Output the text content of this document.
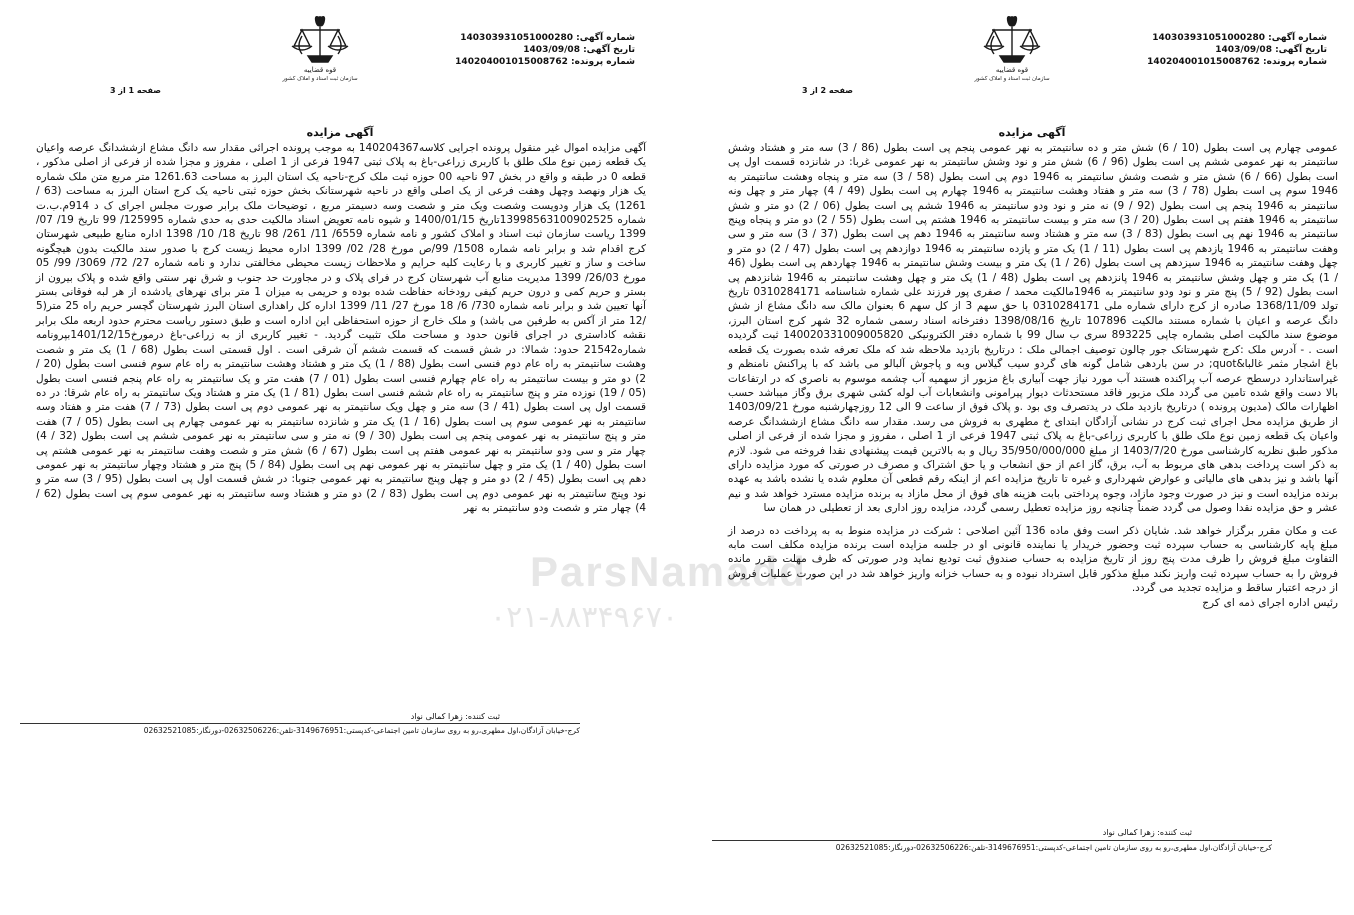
شماره آگهی: 140303931051000280
تاریخ آگهی: 1403/09/08
شماره پرونده: 140204001015008762
قوه قضاییه
سازمان ثبت اسناد و املاک کشور
صفحه 1 از 3
آگهی مزایده

آگهی مزایده اموال غیر منقول پرونده اجرایی کلاسه140204367 به موجب پرونده اجرائی مقدار سه دانگ مشاع ازششدانگ عرصه واعیان یک قطعه زمین نوع ملک طلق با کاربری زراعی-باغ به پلاک ثبتی 1947 فرعی از 1 اصلی ، مفروز و مجزا شده از فرعی از اصلی مذکور ، قطعه 0 در طبقه و واقع در بخش 97 ناحیه 00 حوزه ثبت ملک کرج-ناحیه یک استان البرز به مساحت 1261.63 متر مربع متن ملک شماره یک هزار ونهصد وچهل وهفت فرعی از یک اصلی واقع در ناحیه شهرستانک بخش حوزه ثبتی ناحیه یک کرج استان البرز به مساحت (63 / 1261) یک هزار ودویست وشصت ویک متر و شصت وسه دسیمتر مربع ، توضیحات ملک برابر صورت مجلس اجرای ک د 914م.ب.ت شماره 13998563100902525تاریخ 1400/01/15 و شیوه نامه تعویض اسناد مالکیت حدی به حدی شماره 125995/ 99 تاریخ 19/ 07/ 1399 ریاست سازمان ثبت اسناد و املاک کشور و نامه شماره 6559/ 11/ 261/ 98 تاریخ 18/ 10/ 1398 اداره منابع طبیعی شهرستان کرج اقدام شد و برابر نامه شماره 1508/ 99/ص مورخ 28/ 02/ 1399 اداره محیط زیست کرج با صدور سند مالکیت بدون هیچگونه ساخت و ساز و تغییر کاربری و با رعایت کلیه حرایم و ملاحظات زیست محیطی مخالفتی ندارد و نامه شماره 27/ 72/ 3069/ 99/ 05 مورخ 26/03/ 1399 مدیریت منابع آب شهرستان کرج در فرای پلاک و در مجاورت حد جنوب و شرق نهر سنتی واقع شده و پلاک بیرون از بستر و حریم کمی و درون حریم کیفی رودخانه حفاظت شده بوده و حریمی به میزان 1 متر برای نهرهای یادشده از هر لبه فوقانی بستر آنها تعیین شد و برابر نامه شماره 730/ 6/ 18 مورخ 27/ 11/ 1399 اداره کل راهداری استان البرز شهرستان گچسر حریم راه 25 متر(5 /12 متر از آکس به طرفین می باشد) و ملک خارج از حوزه استحفاظی این اداره است و طبق دستور ریاست محترم حدود اربعه ملک برابر نقشه کاداستری در اجرای قانون حدود و مساحت ملک تثبیت گردید. - تغییر کاربری از به زراعی-باغ درمورخ1401/12/15بپرونامه شماره21542 حدود: شمالا: در شش قسمت که قسمت ششم آن شرقی است . اول قسمتی است بطول (68 / 1) یک متر و شصت وهشت سانتیمتر به راه عام دوم فنسی است بطول (88 / 1) یک متر و هشتاد وهشت سانتیمتر به راه عام سوم فنسی است بطول (20 / 2) دو متر و بیست سانتیمتر به راه عام چهارم فنسی است بطول (01 / 7) هفت متر و یک سانتیمتر به راه عام پنجم فنسی است بطول (05 / 19) نوزده متر و پنج سانتیمتر به راه عام ششم فنسی است بطول (81 / 1) یک متر و هشتاد ویک سانتیمتر به راه عام شرقا: در ده قسمت اول پی است بطول (41 / 3) سه متر و چهل ویک سانتیمتر به نهر عمومی دوم پی است بطول (73 / 7) هفت متر و هفتاد وسه سانتیمتر به نهر عمومی سوم پی است بطول (16 / 1) یک متر و شانزده سانتیمتر به نهر عمومی چهارم پی است بطول (05 / 7) هفت متر و پنج سانتیمتر به نهر عمومی پنجم پی است بطول (30 / 9) نه متر و سی سانتیمتر به نهر عمومی ششم پی است بطول (32 / 4) چهار متر و سی ودو سانتیمتر به نهر عمومی هفتم پی است بطول (67 / 6) شش متر و شصت وهفت سانتیمتر به نهر عمومی هشتم پی است بطول (40 / 1) یک متر و چهل سانتیمتر به نهر عمومی نهم پی است بطول (84 / 5) پنج متر و هشتاد وچهار سانتیمتر به نهر عمومی دهم پی است بطول (45 / 2) دو متر و چهل وپنج سانتیمتر به نهر عمومی جنوبا: در شش قسمت اول پی است بطول (95 / 3) سه متر و نود وپنج سانتیمتر به نهر عمومی دوم پی است بطول (83 / 2) دو متر و هشتاد وسه سانتیمتر به نهر عمومی سوم پی است بطول (62 / 4) چهار متر و شصت ودو سانتیمتر به نهر

ثبت کننده: زهرا کمالی نواد
کرج-خیابان آزادگان،اول مطهری،رو به روی سازمان تامین اجتماعی-کدپستی:3149676951-تلفن:02632506226-دورنگار:02632521085
شماره آگهی: 140303931051000280
تاریخ آگهی: 1403/09/08
شماره پرونده: 140204001015008762
قوه قضاییه
سازمان ثبت اسناد و املاک کشور
صفحه 2 از 3
آگهی مزایده

عمومی چهارم پی است بطول (10 / 6) شش متر و ده سانتیمتر به نهر عمومی پنجم پی است بطول (86 / 3) سه متر و هشتاد وشش سانتیمتر به نهر عمومی ششم پی است بطول (96 / 6) شش متر و نود وشش سانتیمتر به نهر عمومی غربا: در شانزده قسمت اول پی است بطول (66 / 6) شش متر و شصت وشش سانتیمتر به 1946 دوم پی است بطول (58 / 3) سه متر و پنجاه وهشت سانتیمتر به 1946 سوم پی است بطول (78 / 3) سه متر و هفتاد وهشت سانتیمتر به 1946 چهارم پی است بطول (49 / 4) چهار متر و چهل ونه سانتیمتر به 1946 پنجم پی است بطول (92 / 9) نه متر و نود ودو سانتیمتر به 1946 ششم پی است بطول (06 / 2) دو متر و شش سانتیمتر به 1946 هفتم پی است بطول (20 / 3) سه متر و بیست سانتیمتر به 1946 هشتم پی است بطول (55 / 2) دو متر و پنجاه وپنج سانتیمتر به 1946 نهم پی است بطول (83 / 3) سه متر و هشتاد وسه سانتیمتر به 1946 دهم پی است بطول (37 / 3) سه متر و سی وهفت سانتیمتر به 1946 یازدهم پی است بطول (11 / 1) یک متر و یازده سانتیمتر به 1946 دوازدهم پی است بطول (47 / 2) دو متر و چهل وهفت سانتیمتر به 1946 سیزدهم پی است بطول (26 / 1) یک متر و بیست وشش سانتیمتر به 1946 چهاردهم پی است بطول (46 / 1) یک متر و چهل وشش سانتیمتر به 1946 پانزدهم پی است بطول (48 / 1) یک متر و چهل وهشت سانتیمتر به 1946 شانزدهم پی است بطول (92 / 5) پنج متر و نود ودو سانتیمتر به 1946مالکیت محمد / صفری پور فرزند علی شماره شناسنامه 0310284171 تاریخ تولد 1368/11/09 صادره از کرج دارای شماره ملی 0310284171 با حق سهم 3 از کل سهم 6 بعنوان مالک سه دانگ مشاع از شش دانگ عرصه و اعیان با شماره مستند مالکیت 107896 تاریخ 1398/08/16 دفترخانه اسناد رسمی شماره 32 شهر کرج استان البرز، موضوع سند مالکیت اصلی بشماره چاپی 893225 سری ب سال 99 با شماره دفتر الکترونیکی 140020331009005820 ثبت گردیده است . - آدرس ملک :کرج شهرستانک جور چالون توصیف اجمالی ملک : درتاریخ بازدید ملاحظه شد که ملک تعرفه شده بصورت یک قطعه باغ اشجار مثمر غالبا&quot; در سن باردهی شامل گونه های گردو سیب گیلاس وبه و پاجوش آلبالو می باشد که با پراکنش نامنظم و غیراستاندارد درسطح عرصه آب پراکنده هستند آب مورد نیاز جهت آبیاری باغ مزبور از سهمیه آب چشمه موسوم به ناصری که در ارتفاعات بالا دست واقع شده تامین می گردد ملک مزبور فاقد مستحدثات دیوار پیرامونی وانشعابات آب لوله کشی شهری برق وگاز میباشد حسب اظهارات مالک (مدیون پرونده ) درتاریخ بازدید ملک در یدتصرف وی بود .و پلاک فوق از ساعت 9 الی 12 روزچهارشنبه مورخ 1403/09/21 از طریق مزایده محل اجرای ثبت کرج در نشانی آزادگان ابتدای خ مطهری به فروش می رسد. مقدار سه دانگ مشاع ازششدانگ عرصه واعیان یک قطعه زمین نوع ملک طلق با کاربری زراعی-باغ به پلاک ثبتی 1947 فرعی از 1 اصلی ، مفروز و مجزا شده از فرعی از اصلی مذکور طبق نظریه کارشناسی مورخ 1403/7/20 از مبلغ 35/950/000/000 ریال و به بالاترین قیمت پیشنهادی نقدا فروخته می شود. لازم به ذکر است پرداخت بدهی های مربوط به آب، برق، گاز اعم از حق انشعاب و یا حق اشتراک و مصرف در صورتی که مورد مزایده دارای آنها باشد و نیز بدهی های مالیاتی و عوارض شهرداری و غیره تا تاریخ مزایده اعم از اینکه رقم قطعی آن معلوم شده یا نشده باشد به عهده برنده مزایده است و نیز در صورت وجود مازاد، وجوه پرداختی بابت هزینه های فوق از محل مازاد به برنده مزایده مسترد خواهد شد و نیم عشر و حق مزایده نقدا وصول می گردد ضمناً چنانچه روز مزایده تعطیل رسمی گردد، مزایده روز اداری بعد از تعطیلی در همان سا

عت و مکان مقرر برگزار خواهد شد. شایان ذکر است وفق ماده 136 آئین اصلاحی : شرکت در مزایده منوط به به پرداخت ده درصد از مبلغ پایه کارشناسی به حساب سپرده ثبت وحضور خریدار یا نماینده قانونی او در جلسه مزایده است برنده مزایده مکلف است مابه التفاوت مبلغ فروش را ظرف مدت پنج روز از تاریخ مزایده به حساب صندوق ثبت تودیع نماید ودر صورتی که ظرف مهلت مقرر مانده فروش را به حساب سپرده ثبت واریز نکند مبلغ مذکور قابل استرداد نبوده و به حساب خزانه واریز خواهد شد در این صورت عملیات فروش از درجه اعتبار ساقط و مزایده تجدید می گردد.

رئیس اداره اجرای ذمه ای کرج

ثبت کننده: زهرا کمالی نواد
کرج-خیابان آزادگان،اول مطهری،رو به روی سازمان تامین اجتماعی-کدپستی:3149676951-تلفن:02632506226-دورنگار:02632521085
ParsNamadd
۰۲۱-۸۸۳۴۹۶۷۰
